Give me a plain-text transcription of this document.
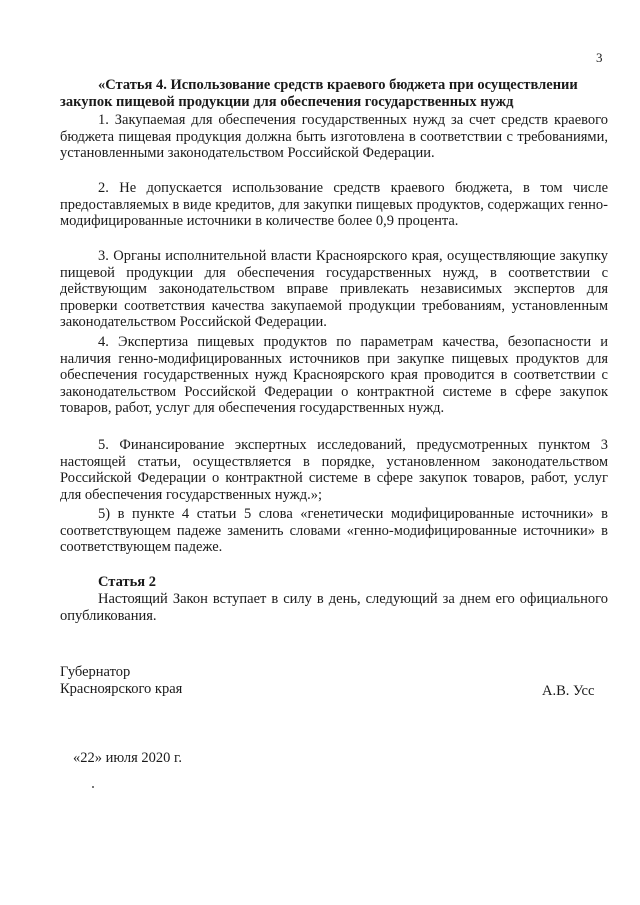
3
«Статья 4. Использование средств краевого бюджета при осуществлении закупок пищевой продукции для обеспечения государственных нужд
1. Закупаемая для обеспечения государственных нужд за счет средств краевого бюджета пищевая продукция должна быть изготовлена в соответствии с требованиями, установленными законодательством Российской Федерации.
2. Не допускается использование средств краевого бюджета, в том числе предоставляемых в виде кредитов, для закупки пищевых продуктов, содержащих генно-модифицированные источники в количестве более 0,9 процента.
3. Органы исполнительной власти Красноярского края, осуществляющие закупку пищевой продукции для обеспечения государственных нужд, в соответствии с действующим законодательством вправе привлекать независимых экспертов для проверки соответствия качества закупаемой продукции требованиям, установленным законодательством Российской Федерации.
4. Экспертиза пищевых продуктов по параметрам качества, безопасности и наличия генно-модифицированных источников при закупке пищевых продуктов для обеспечения государственных нужд Красноярского края проводится в соответствии с законодательством Российской Федерации о контрактной системе в сфере закупок товаров, работ, услуг для обеспечения государственных нужд.
5. Финансирование экспертных исследований, предусмотренных пунктом 3 настоящей статьи, осуществляется в порядке, установленном законодательством Российской Федерации о контрактной системе в сфере закупок товаров, работ, услуг для обеспечения государственных нужд.»;
5) в пункте 4 статьи 5 слова «генетически модифицированные источники» в соответствующем падеже заменить словами «генно-модифицированные источники» в соответствующем падеже.
Статья 2
Настоящий Закон вступает в силу в день, следующий за днем его официального опубликования.
Губернатор
Красноярского края	А.В. Усс
«22» июля 2020 г.
